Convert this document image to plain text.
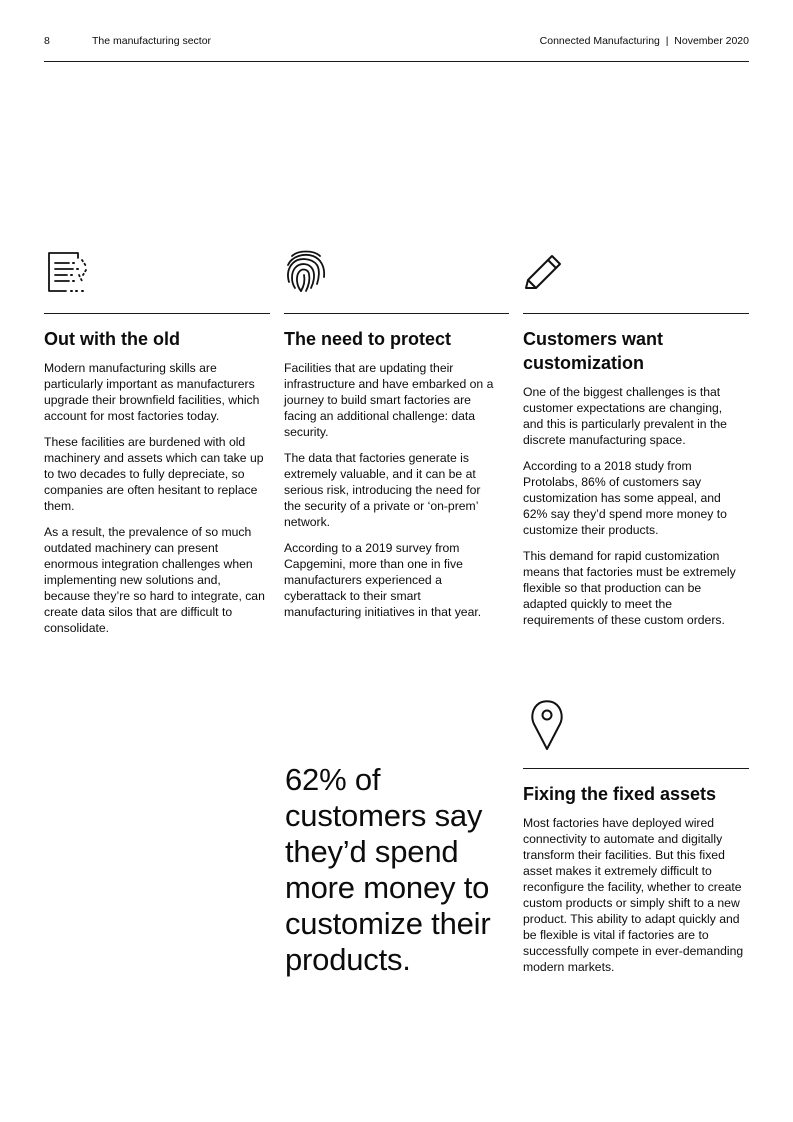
8	The manufacturing sector	Connected Manufacturing  |  November 2020
Out with the old

Modern manufacturing skills are particularly important as manufacturers upgrade their brownfield facilities, which account for most factories today.

These facilities are burdened with old machinery and assets which can take up to two decades to fully depreciate, so companies are often hesitant to replace them.

As a result, the prevalence of so much outdated machinery can present enormous integration challenges when implementing new solutions and, because they’re so hard to integrate, can create data silos that are difficult to consolidate.

The need to protect

Facilities that are updating their infrastructure and have embarked on a journey to build smart factories are facing an additional challenge: data security.

The data that factories generate is extremely valuable, and it can be at serious risk, introducing the need for the security of a private or ‘on-prem’ network.

According to a 2019 survey from Capgemini, more than one in five manufacturers experienced a cyberattack to their smart manufacturing initiatives in that year.

Customers want customization

One of the biggest challenges is that customer expectations are changing, and this is particularly prevalent in the discrete manufacturing space.

According to a 2018 study from Protolabs, 86% of customers say customization has some appeal, and 62% say they’d spend more money to customize their products.

This demand for rapid customization means that factories must be extremely flexible so that production can be adapted quickly to meet the requirements of these custom orders.

Fixing the fixed assets

Most factories have deployed wired connectivity to automate and digitally transform their facilities. But this fixed asset makes it extremely difficult to reconfigure the facility, whether to create custom products or simply shift to a new product. This ability to adapt quickly and be flexible is vital if factories are to successfully compete in ever-demanding modern markets.

62% of customers say they’d spend more money to customize their products.
